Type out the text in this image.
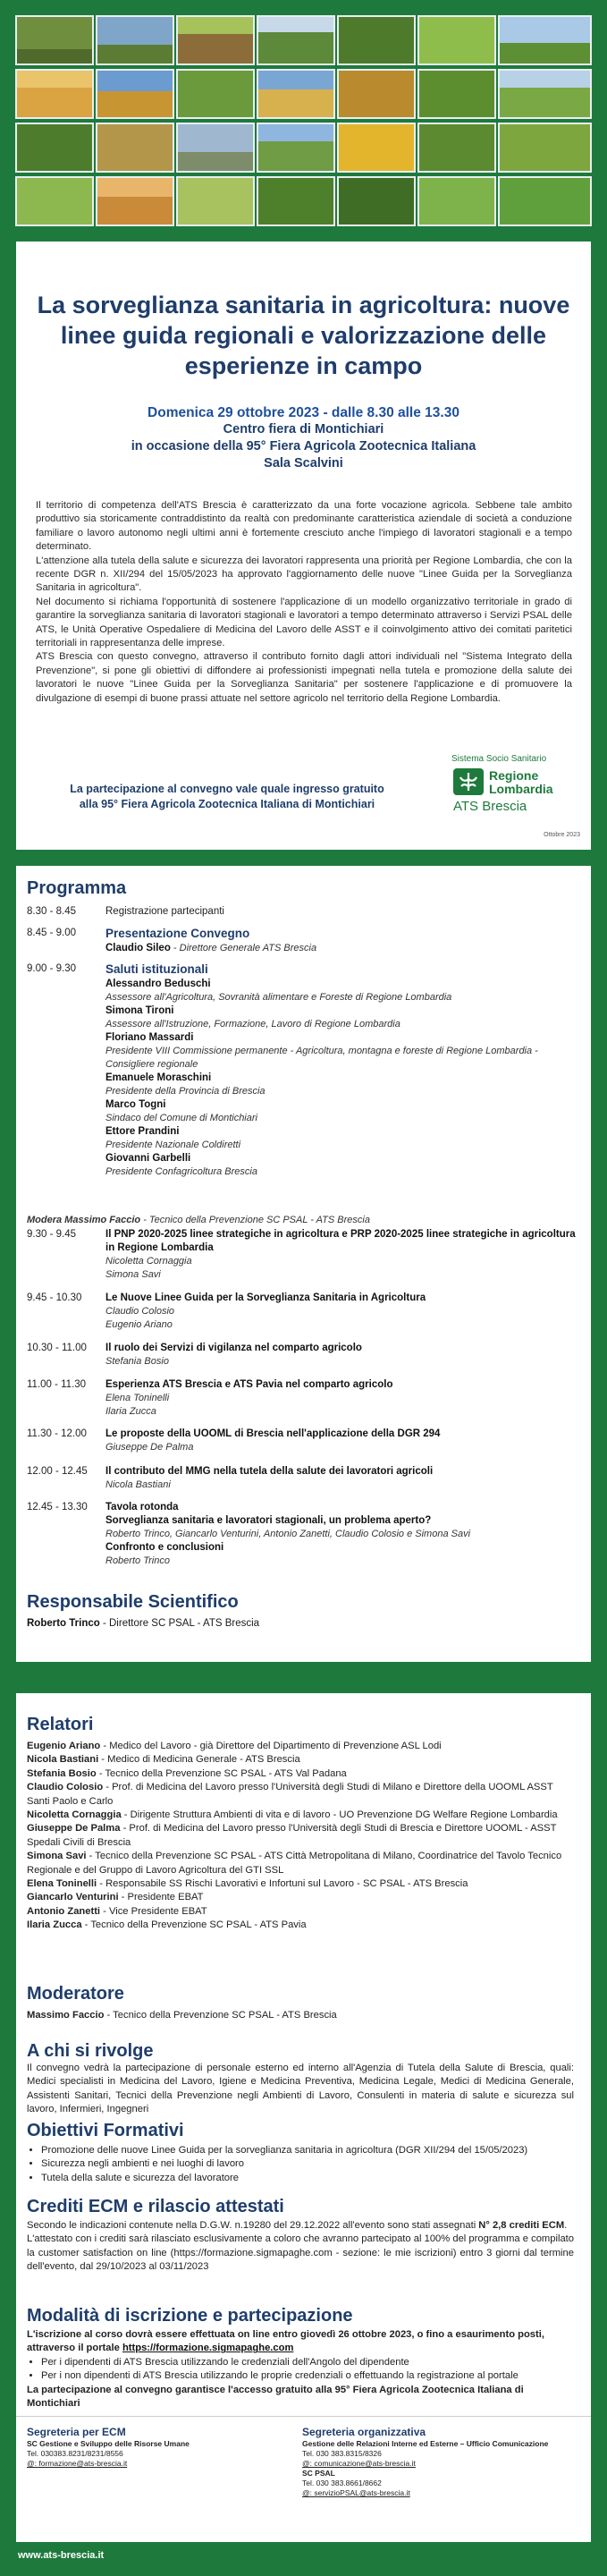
La sorveglianza sanitaria in agricoltura: nuove linee guida regionali e valorizzazione delle esperienze in campo
Domenica 29 ottobre 2023 - dalle 8.30 alle 13.30
Centro fiera di Montichiari
in occasione della 95° Fiera Agricola Zootecnica Italiana
Sala Scalvini

Il territorio di competenza dell'ATS Brescia è caratterizzato da una forte vocazione agricola. Sebbene tale ambito produttivo sia storicamente contraddistinto da realtà con predominante caratteristica aziendale di società a conduzione familiare o lavoro autonomo negli ultimi anni è fortemente cresciuto anche l'impiego di lavoratori stagionali e a tempo determinato.

L'attenzione alla tutela della salute e sicurezza dei lavoratori rappresenta una priorità per Regione Lombardia, che con la recente DGR n. XII/294 del 15/05/2023 ha approvato l'aggiornamento delle nuove "Linee Guida per la Sorveglianza Sanitaria in agricoltura".

Nel documento si richiama l'opportunità di sostenere l'applicazione di un modello organizzativo territoriale in grado di garantire la sorveglianza sanitaria di lavoratori stagionali e lavoratori a tempo determinato attraverso i Servizi PSAL delle ATS, le Unità Operative Ospedaliere di Medicina del Lavoro delle ASST e il coinvolgimento attivo dei comitati paritetici territoriali in rappresentanza delle imprese.

ATS Brescia con questo convegno, attraverso il contributo fornito dagli attori individuali nel "Sistema Integrato della Prevenzione", si pone gli obiettivi di diffondere ai professionisti impegnati nella tutela e promozione della salute dei lavoratori le nuove "Linee Guida per la Sorveglianza Sanitaria" per sostenere l'applicazione e di promuovere la divulgazione di esempi di buone prassi attuate nel settore agricolo nel territorio della Regione Lombardia.

La partecipazione al convegno vale quale ingresso gratuito
alla 95° Fiera Agricola Zootecnica Italiana di Montichiari
Sistema Socio Sanitario
Regione
Lombardia
ATS Brescia
Ottobre 2023
Programma
8.30 - 8.45	Registrazione partecipanti
8.45 - 9.00	Presentazione Convegno
Claudio Sileo - Direttore Generale ATS Brescia
9.00 - 9.30	Saluti istituzionali
Alessandro Beduschi
Assessore all'Agricoltura, Sovranità alimentare e Foreste di Regione Lombardia
Simona Tironi
Assessore all'Istruzione, Formazione, Lavoro di Regione Lombardia
Floriano Massardi
Presidente VIII Commissione permanente - Agricoltura, montagna e foreste di Regione Lombardia - Consigliere regionale
Emanuele Moraschini
Presidente della Provincia di Brescia
Marco Togni
Sindaco del Comune di Montichiari
Ettore Prandini
Presidente Nazionale Coldiretti
Giovanni Garbelli
Presidente Confagricoltura Brescia
Modera Massimo Faccio - Tecnico della Prevenzione SC PSAL - ATS Brescia
9.30 - 9.45	Il PNP 2020-2025 linee strategiche in agricoltura e PRP 2020-2025 linee strategiche in agricoltura in Regione Lombardia
Nicoletta Cornaggia
Simona Savi
9.45 - 10.30	Le Nuove Linee Guida per la Sorveglianza Sanitaria in Agricoltura
Claudio Colosio
Eugenio Ariano
10.30 - 11.00	Il ruolo dei Servizi di vigilanza nel comparto agricolo
Stefania Bosio
11.00 - 11.30	Esperienza ATS Brescia e ATS Pavia nel comparto agricolo
Elena Toninelli
Ilaria Zucca
11.30 - 12.00	Le proposte della UOOML di Brescia nell'applicazione della DGR 294
Giuseppe De Palma
12.00 - 12.45	Il contributo del MMG nella tutela della salute dei lavoratori agricoli
Nicola Bastiani
12.45 - 13.30	Tavola rotonda
Sorveglianza sanitaria e lavoratori stagionali, un problema aperto?
Roberto Trinco, Giancarlo Venturini, Antonio Zanetti, Claudio Colosio e Simona Savi
Confronto e conclusioni
Roberto Trinco
Responsabile Scientifico
Roberto Trinco - Direttore SC PSAL - ATS Brescia
Relatori
Eugenio Ariano - Medico del Lavoro - già Direttore del Dipartimento di Prevenzione ASL Lodi
Nicola Bastiani - Medico di Medicina Generale - ATS Brescia
Stefania Bosio - Tecnico della Prevenzione SC PSAL - ATS Val Padana
Claudio Colosio - Prof. di Medicina del Lavoro presso l'Università degli Studi di Milano e Direttore della UOOML ASST Santi Paolo e Carlo
Nicoletta Cornaggia - Dirigente Struttura Ambienti di vita e di lavoro - UO Prevenzione DG Welfare Regione Lombardia
Giuseppe De Palma - Prof. di Medicina del Lavoro presso l'Università degli Studi di Brescia e Direttore UOOML - ASST Spedali Civili di Brescia
Simona Savi - Tecnico della Prevenzione SC PSAL - ATS Città Metropolitana di Milano, Coordinatrice del Tavolo Tecnico Regionale e del Gruppo di Lavoro Agricoltura del GTI SSL
Elena Toninelli - Responsabile SS Rischi Lavorativi e Infortuni sul Lavoro - SC PSAL - ATS Brescia
Giancarlo Venturini - Presidente EBAT
Antonio Zanetti - Vice Presidente EBAT
Ilaria Zucca - Tecnico della Prevenzione SC PSAL - ATS Pavia
Moderatore
Massimo Faccio - Tecnico della Prevenzione SC PSAL - ATS Brescia
A chi si rivolge
Il convegno vedrà la partecipazione di personale esterno ed interno all'Agenzia di Tutela della Salute di Brescia, quali: Medici specialisti in Medicina del Lavoro, Igiene e Medicina Preventiva, Medicina Legale, Medici di Medicina Generale, Assistenti Sanitari, Tecnici della Prevenzione negli Ambienti di Lavoro, Consulenti in materia di salute e sicurezza sul lavoro, Infermieri, Ingegneri
Obiettivi Formativi
• Promozione delle nuove Linee Guida per la sorveglianza sanitaria in agricoltura (DGR XII/294 del 15/05/2023)
• Sicurezza negli ambienti e nei luoghi di lavoro
• Tutela della salute e sicurezza del lavoratore
Crediti ECM e rilascio attestati
Secondo le indicazioni contenute nella D.G.W. n.19280 del 29.12.2022 all'evento sono stati assegnati N° 2,8 crediti ECM.
L'attestato con i crediti sarà rilasciato esclusivamente a coloro che avranno partecipato al 100% del programma e compilato la customer satisfaction on line (https://formazione.sigmapaghe.com - sezione: le mie iscrizioni) entro 3 giorni dal termine dell'evento, dal 29/10/2023 al 03/11/2023
Modalità di iscrizione e partecipazione
L'iscrizione al corso dovrà essere effettuata on line entro giovedì 26 ottobre 2023, o fino a esaurimento posti, attraverso il portale https://formazione.sigmapaghe.com
• Per i dipendenti di ATS Brescia utilizzando le credenziali dell'Angolo del dipendente
• Per i non dipendenti di ATS Brescia utilizzando le proprie credenziali o effettuando la registrazione al portale
La partecipazione al convegno garantisce l'accesso gratuito alla 95° Fiera Agricola Zootecnica Italiana di Montichiari
Segreteria per ECM
SC Gestione e Sviluppo delle Risorse Umane
Tel. 030383.8231/8231/8556
@: formazione@ats-brescia.it
Segreteria organizzativa
Gestione delle Relazioni Interne ed Esterne – Ufficio Comunicazione
Tel. 030 383.8315/8326
@: comunicazione@ats-brescia.it
SC PSAL
Tel. 030 383.8661/8662
@: servizioPSAL@ats-brescia.it
www.ats-brescia.it
